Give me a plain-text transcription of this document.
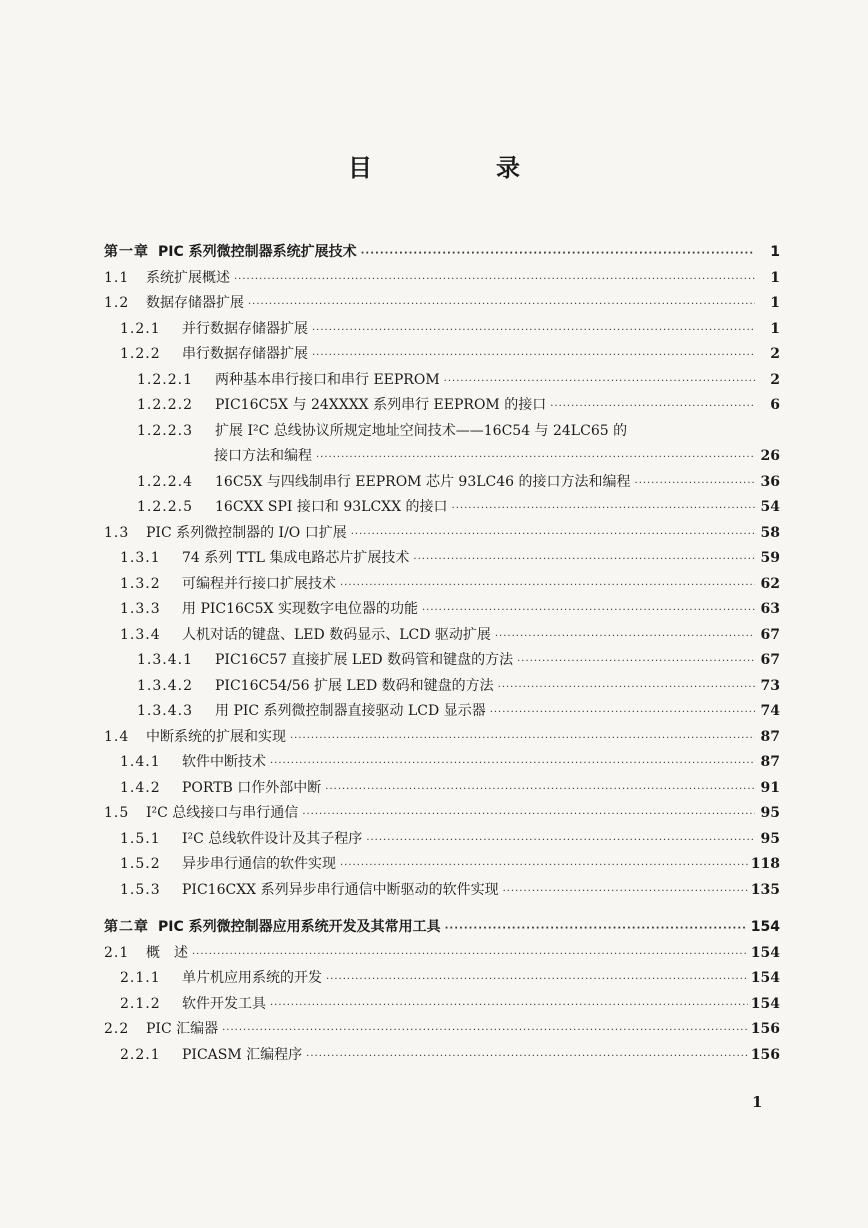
目　录
第一章 PIC 系列微控制器系统扩展技术 ·····	1
1.1	系统扩展概述 ·····	1
1.2	数据存储器扩展 ·····	1
1.2.1	并行数据存储器扩展 ·····	1
1.2.2	串行数据存储器扩展 ·····	2
1.2.2.1	两种基本串行接口和串行 EEPROM ·····	2
1.2.2.2	PIC16C5X 与 24XXXX 系列串行 EEPROM 的接口 ·····	6
1.2.2.3	扩展 I²C 总线协议所规定地址空间技术——16C54 与 24LC65 的
接口方法和编程 ·····	26
1.2.2.4	16C5X 与四线制串行 EEPROM 芯片 93LC46 的接口方法和编程 ·····	36
1.2.2.5	16CXX SPI 接口和 93LCXX 的接口 ·····	54
1.3	PIC 系列微控制器的 I/O 口扩展 ·····	58
1.3.1	74 系列 TTL 集成电路芯片扩展技术 ·····	59
1.3.2	可编程并行接口扩展技术 ·····	62
1.3.3	用 PIC16C5X 实现数字电位器的功能 ·····	63
1.3.4	人机对话的键盘、LED 数码显示、LCD 驱动扩展 ·····	67
1.3.4.1	PIC16C57 直接扩展 LED 数码管和键盘的方法 ·····	67
1.3.4.2	PIC16C54/56 扩展 LED 数码和键盘的方法 ·····	73
1.3.4.3	用 PIC 系列微控制器直接驱动 LCD 显示器 ·····	74
1.4	中断系统的扩展和实现 ·····	87
1.4.1	软件中断技术 ·····	87
1.4.2	PORTB 口作外部中断 ·····	91
1.5	I²C 总线接口与串行通信 ·····	95
1.5.1	I²C 总线软件设计及其子程序 ·····	95
1.5.2	异步串行通信的软件实现 ·····	118
1.5.3	PIC16CXX 系列异步串行通信中断驱动的软件实现 ·····	135
第二章 PIC 系列微控制器应用系统开发及其常用工具 ·····	154
2.1	概　述 ·····	154
2.1.1	单片机应用系统的开发 ·····	154
2.1.2	软件开发工具 ·····	154
2.2	PIC 汇编器 ·····	156
2.2.1	PICASM 汇编程序 ·····	156
1
